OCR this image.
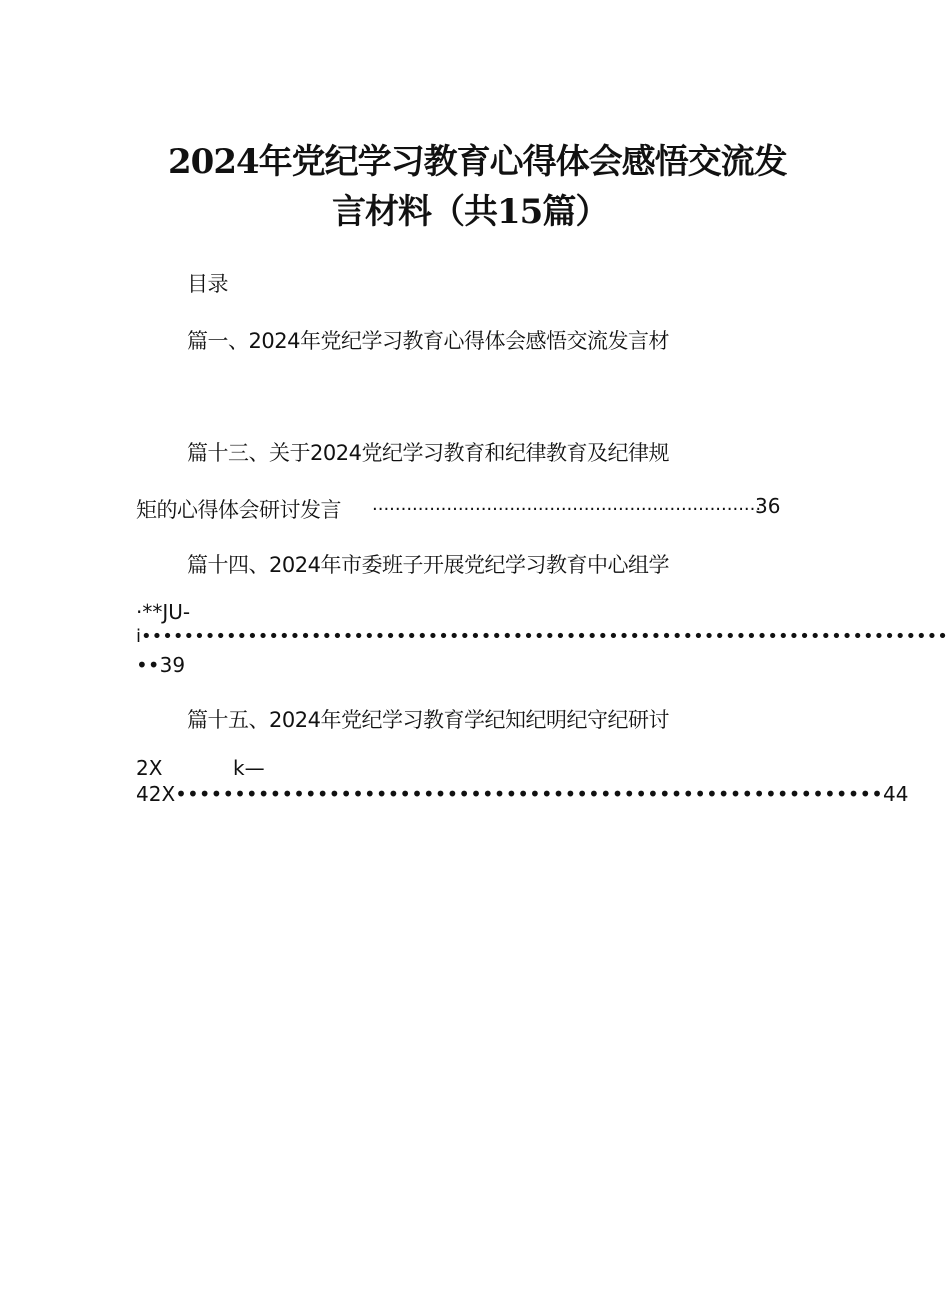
2024年党纪学习教育心得体会感悟交流发
言材料（共15篇）
目录
篇一、2024年党纪学习教育心得体会感悟交流发言材
篇十三、关于2024党纪学习教育和纪律教育及纪律规
矩的心得体会研讨发言 ....................................................................
36
篇十四、2024年市委班子开展党纪学习教育中心组学
·**JU-
i••••••••••••••••••••••••••••••••••••••••••••••••••••••••••••••••••••••••••••
••39
篇十五、2024年党纪学习教育学纪知纪明纪守纪研讨
2X	k—
42X••••••••••••••••••••••••••••••••••••••••••••••••••••••••••••44
